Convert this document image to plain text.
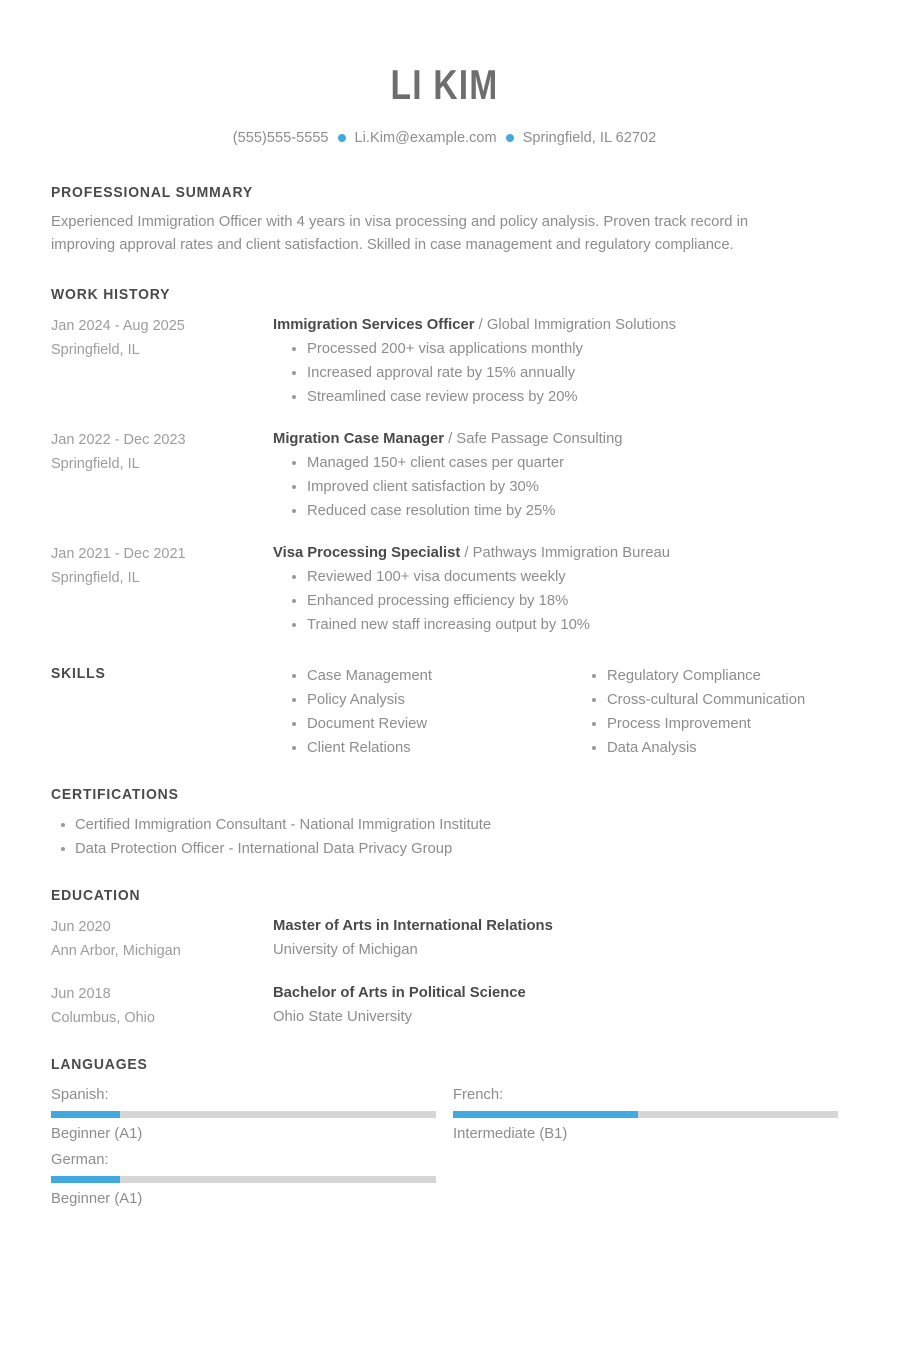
LI KIM
(555)555-5555 Li.Kim@example.com Springfield, IL 62702
PROFESSIONAL SUMMARY

Experienced Immigration Officer with 4 years in visa processing and policy analysis. Proven track record in improving approval rates and client satisfaction. Skilled in case management and regulatory compliance.

WORK HISTORY
Jan 2024 - Aug 2025
Springfield, IL

Immigration Services Officer / Global Immigration Solutions

Processed 200+ visa applications monthly
Increased approval rate by 15% annually
Streamlined case review process by 20%
Jan 2022 - Dec 2023
Springfield, IL

Migration Case Manager / Safe Passage Consulting

Managed 150+ client cases per quarter
Improved client satisfaction by 30%
Reduced case resolution time by 25%
Jan 2021 - Dec 2021
Springfield, IL

Visa Processing Specialist / Pathways Immigration Bureau

Reviewed 100+ visa documents weekly
Enhanced processing efficiency by 18%
Trained new staff increasing output by 10%
SKILLS	Case Management
Policy Analysis
Document Review
Client Relations
Regulatory Compliance
Cross-cultural Communication
Process Improvement
Data Analysis
CERTIFICATIONS
Certified Immigration Consultant - National Immigration Institute
Data Protection Officer - International Data Privacy Group
EDUCATION
Jun 2020
Ann Arbor, Michigan

Master of Arts in International Relations

University of Michigan

Jun 2018
Columbus, Ohio

Bachelor of Arts in Political Science

Ohio State University

LANGUAGES
Spanish:
Beginner (A1)
French:
Intermediate (B1)
German:
Beginner (A1)
